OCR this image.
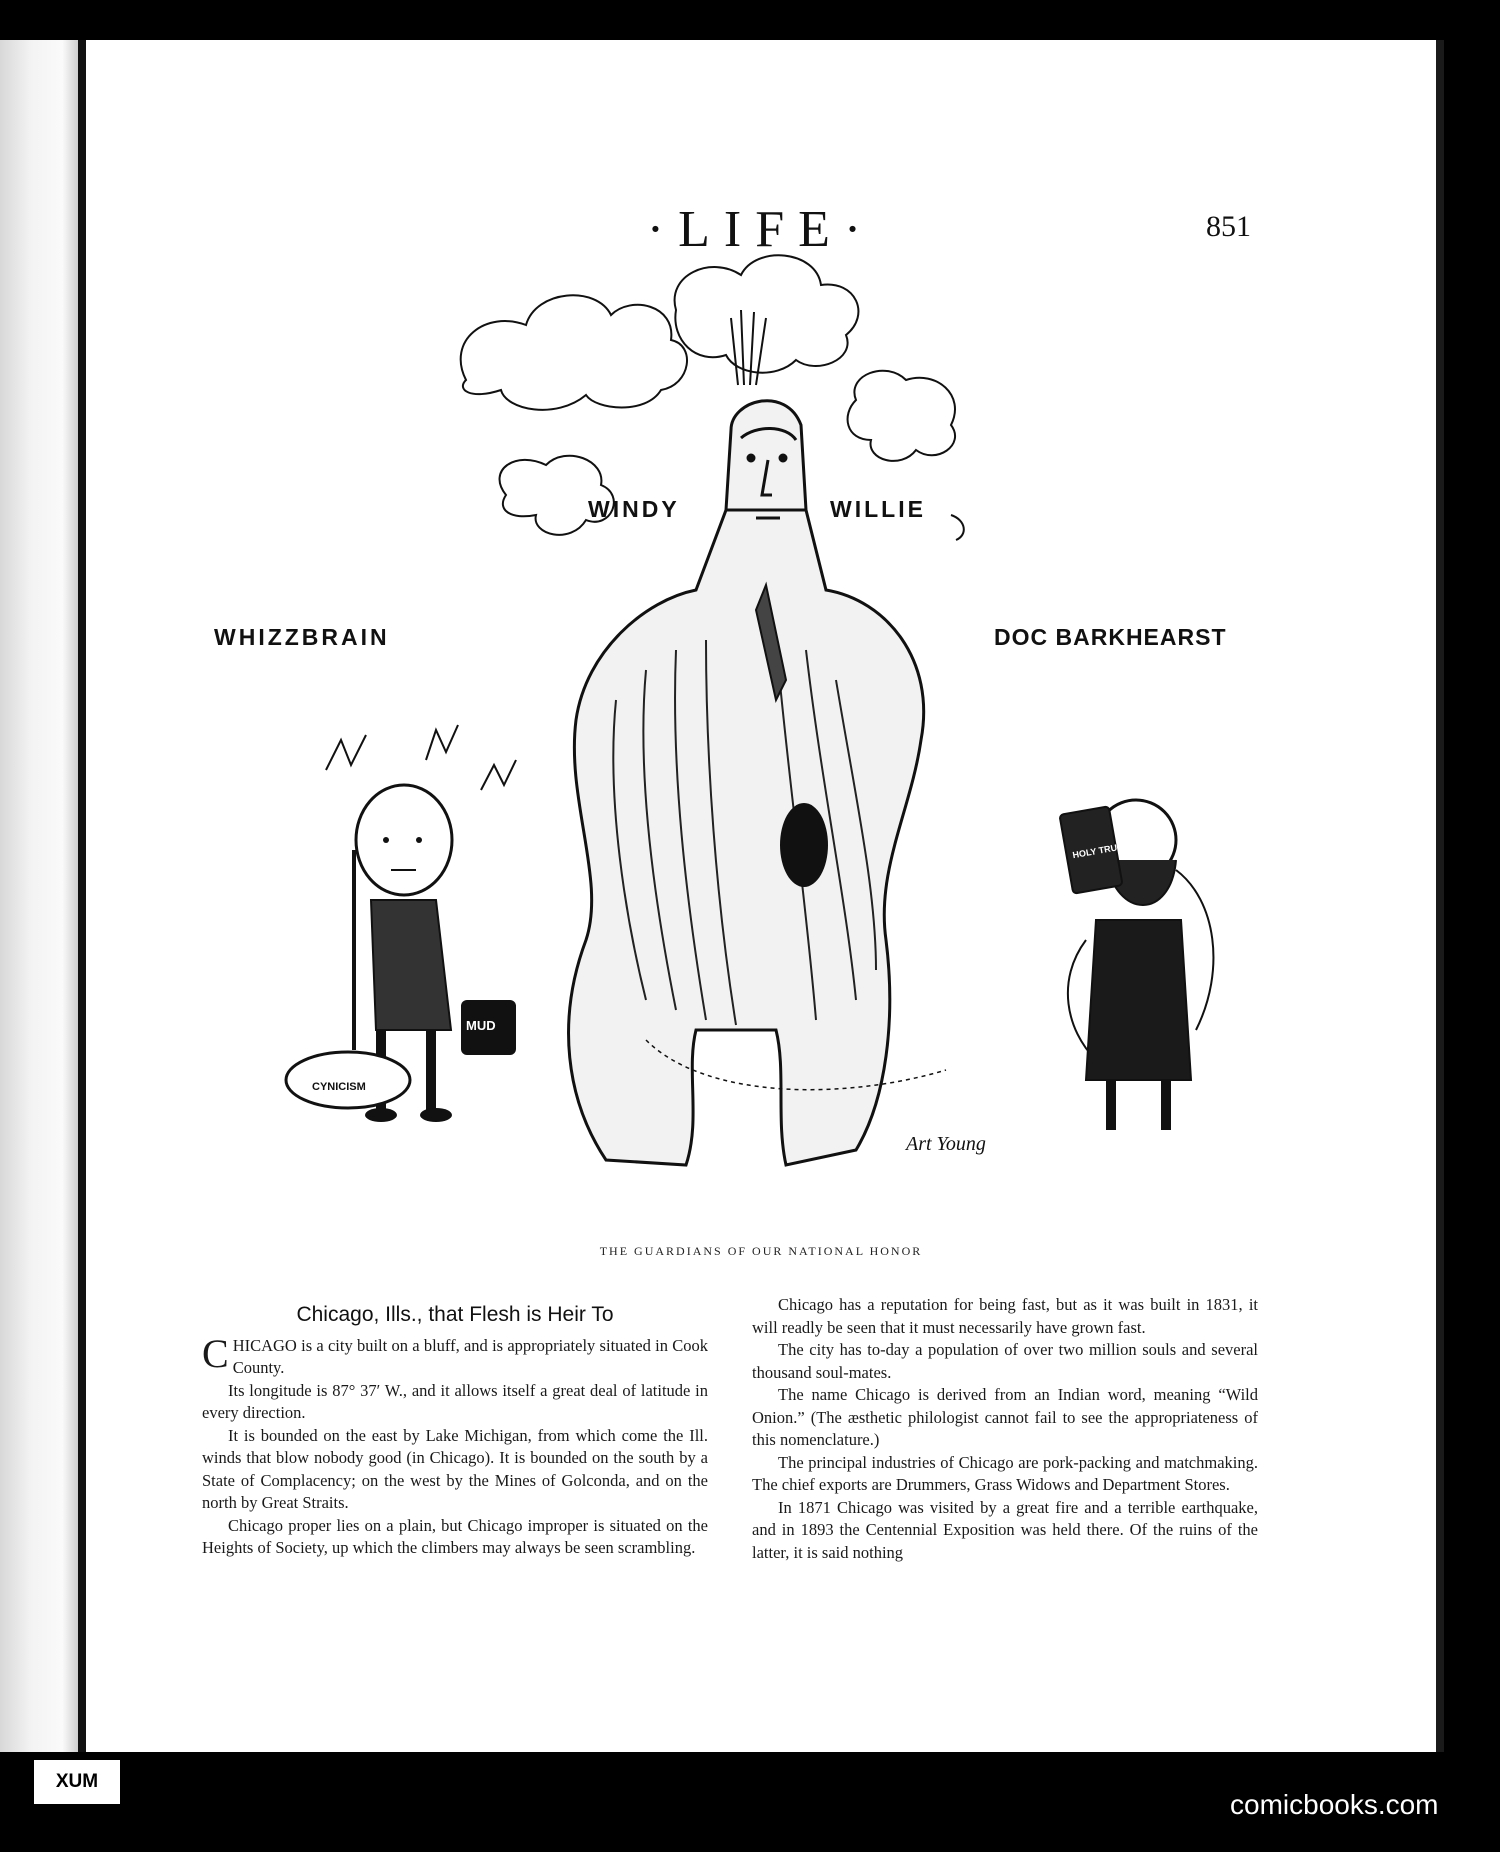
·LIFE·	851
MUD
CYNICISM
HOLY TRUTH
Art Young
WINDY	WILLIE
WHIZZBRAIN	DOC BARKHEARST
THE GUARDIANS OF OUR NATIONAL HONOR
Chicago, Ills., that Flesh is Heir To

CHICAGO is a city built on a bluff, and is appropriately situated in Cook County.

Its longitude is 87° 37′ W., and it allows itself a great deal of latitude in every direction.

It is bounded on the east by Lake Michigan, from which come the Ill. winds that blow nobody good (in Chicago). It is bounded on the south by a State of Complacency; on the west by the Mines of Golconda, and on the north by Great Straits.

Chicago proper lies on a plain, but Chicago improper is situated on the Heights of Society, up which the climbers may always be seen scrambling.

Chicago has a reputation for being fast, but as it was built in 1831, it will readly be seen that it must necessarily have grown fast.

The city has to-day a population of over two million souls and several thousand soul-mates.

The name Chicago is derived from an Indian word, meaning “Wild Onion.” (The æsthetic philologist cannot fail to see the appropriateness of this nomenclature.)

The principal industries of Chicago are pork-packing and matchmaking. The chief exports are Drummers, Grass Widows and Department Stores.

In 1871 Chicago was visited by a great fire and a terrible earthquake, and in 1893 the Centennial Exposition was held there. Of the ruins of the latter, it is said nothing

XUM
comicbooks.com
